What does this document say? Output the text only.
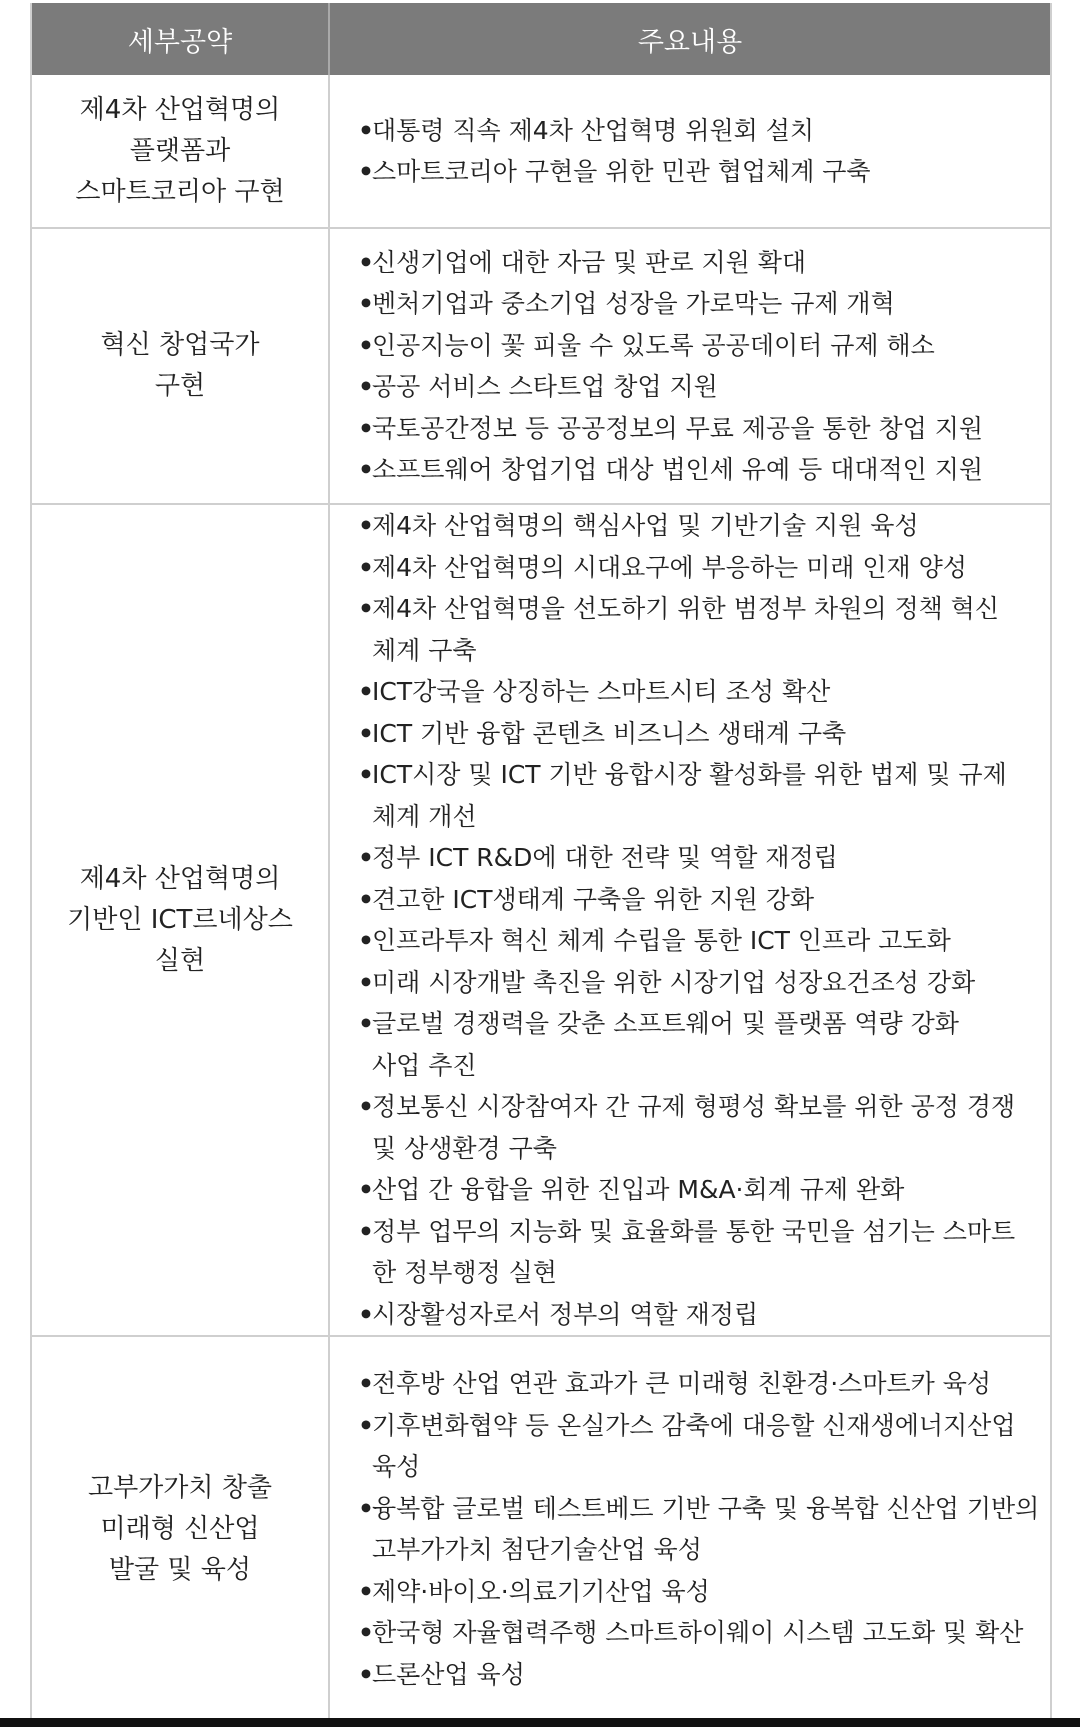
세부공약	주요내용
제4차 산업혁명의
플랫폼과
스마트코리아 구현
•
대통령 직속 제4차 산업혁명 위원회 설치
•
스마트코리아 구현을 위한 민관 협업체계 구축
혁신 창업국가
구현
•
신생기업에 대한 자금 및 판로 지원 확대
•
벤처기업과 중소기업 성장을 가로막는 규제 개혁
•
인공지능이 꽃 피울 수 있도록 공공데이터 규제 해소
•
공공 서비스 스타트업 창업 지원
•
국토공간정보 등 공공정보의 무료 제공을 통한 창업 지원
•
소프트웨어 창업기업 대상 법인세 유예 등 대대적인 지원
제4차 산업혁명의
기반인 ICT르네상스
실현
•
제4차 산업혁명의 핵심사업 및 기반기술 지원 육성
•
제4차 산업혁명의 시대요구에 부응하는 미래 인재 양성
•
제4차 산업혁명을 선도하기 위한 범정부 차원의 정책 혁신
체계 구축
•
ICT강국을 상징하는 스마트시티 조성 확산
•
ICT 기반 융합 콘텐츠 비즈니스 생태계 구축
•
ICT시장 및 ICT 기반 융합시장 활성화를 위한 법제 및 규제
체계 개선
•
정부 ICT R&D에 대한 전략 및 역할 재정립
•
견고한 ICT생태계 구축을 위한 지원 강화
•
인프라투자 혁신 체계 수립을 통한 ICT 인프라 고도화
•
미래 시장개발 촉진을 위한 시장기업 성장요건조성 강화
•
글로벌 경쟁력을 갖춘 소프트웨어 및 플랫폼 역량 강화
사업 추진
•
정보통신 시장참여자 간 규제 형평성 확보를 위한 공정 경쟁
및 상생환경 구축
•
산업 간 융합을 위한 진입과 M&A·회계 규제 완화
•
정부 업무의 지능화 및 효율화를 통한 국민을 섬기는 스마트
한 정부행정 실현
•
시장활성자로서 정부의 역할 재정립
고부가가치 창출
미래형 신산업
발굴 및 육성
•
전후방 산업 연관 효과가 큰 미래형 친환경·스마트카 육성
•
기후변화협약 등 온실가스 감축에 대응할 신재생에너지산업
육성
•
융복합 글로벌 테스트베드 기반 구축 및 융복합 신산업 기반의
고부가가치 첨단기술산업 육성
•
제약·바이오·의료기기산업 육성
•
한국형 자율협력주행 스마트하이웨이 시스템 고도화 및 확산
•
드론산업 육성
